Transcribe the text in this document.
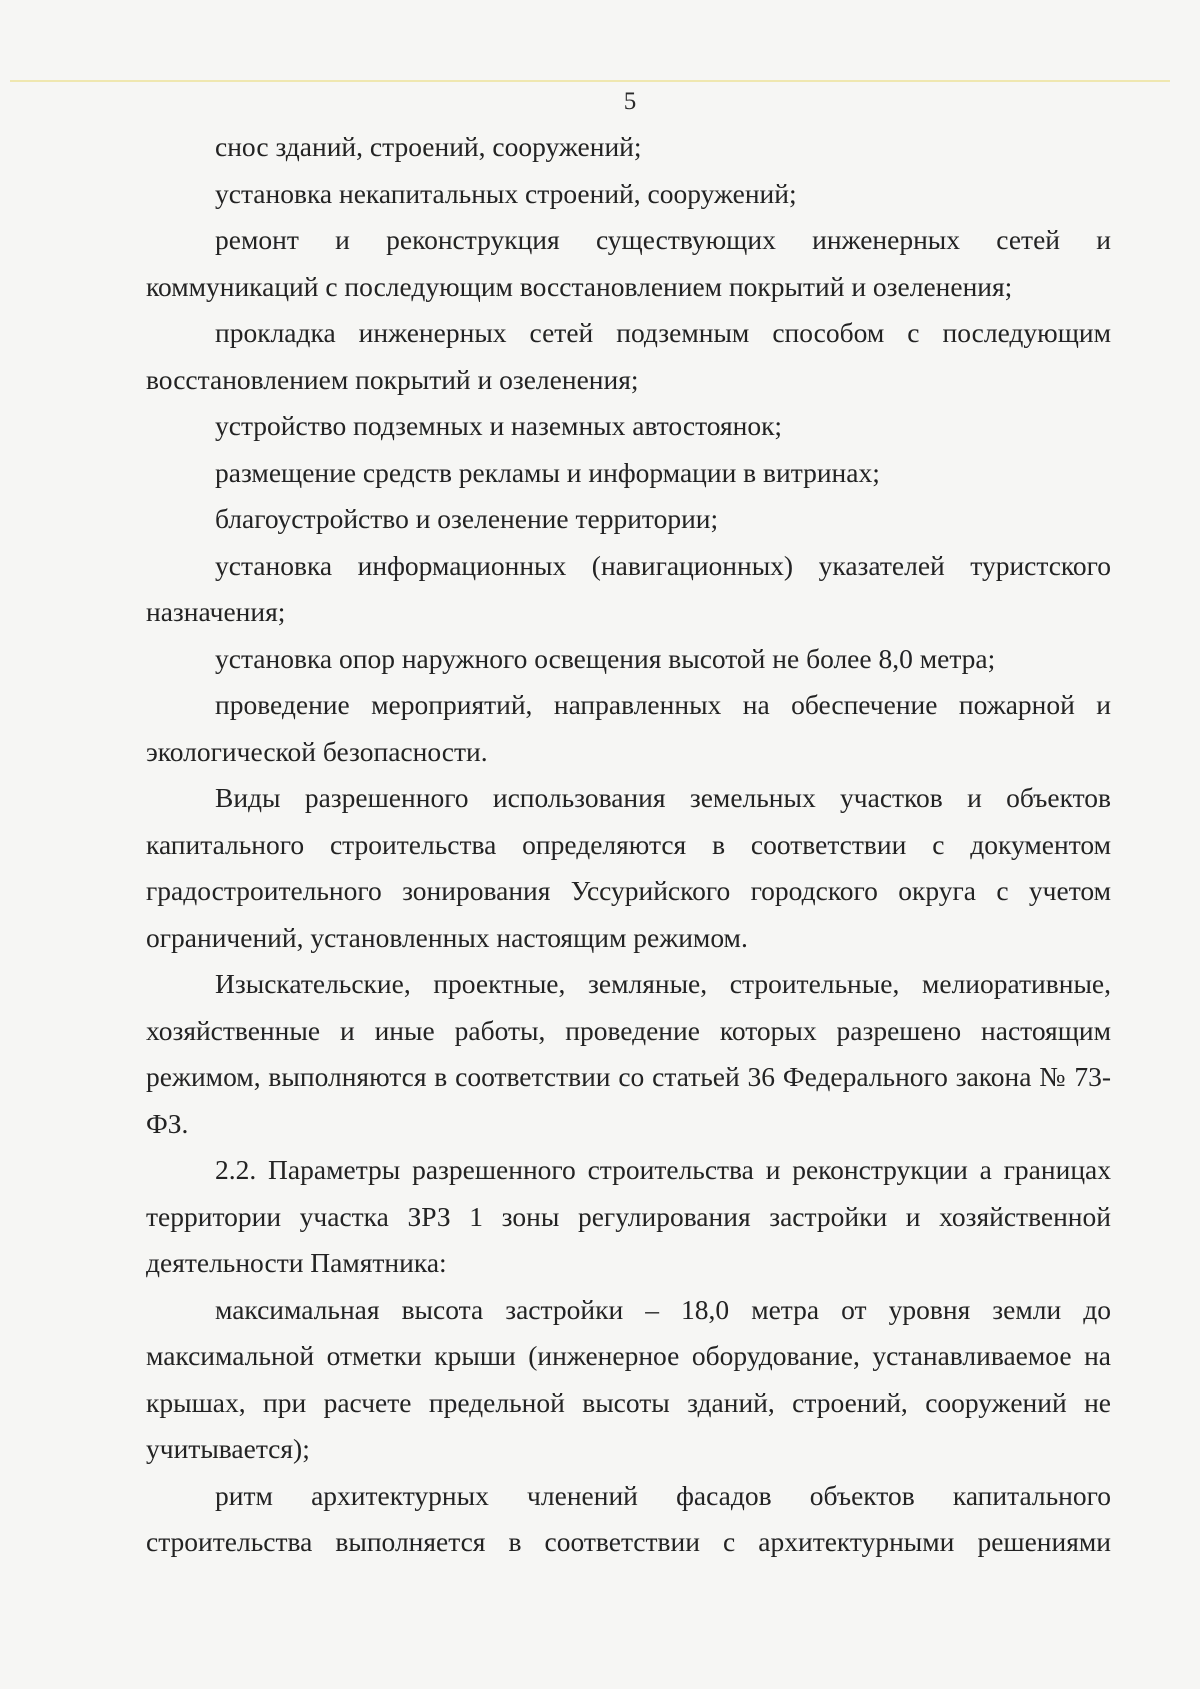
5

снос зданий, строений, сооружений;

установка некапитальных строений, сооружений;

ремонт и реконструкция существующих инженерных сетей и коммуникаций с последующим восстановлением покрытий и озеленения;

прокладка инженерных сетей подземным способом с последующим восстановлением покрытий и озеленения;

устройство подземных и наземных автостоянок;

размещение средств рекламы и информации в витринах;

благоустройство и озеленение территории;

установка информационных (навигационных) указателей туристского назначения;

установка опор наружного освещения высотой не более 8,0 метра;

проведение мероприятий, направленных на обеспечение пожарной и экологической безопасности.

Виды разрешенного использования земельных участков и объектов капитального строительства определяются в соответствии с документом градостроительного зонирования Уссурийского городского округа с учетом ограничений, установленных настоящим режимом.

Изыскательские, проектные, земляные, строительные, мелиоративные, хозяйственные и иные работы, проведение которых разрешено настоящим режимом, выполняются в соответствии со статьей 36 Федерального закона № 73-ФЗ.

2.2. Параметры разрешенного строительства и реконструкции а границах территории участка ЗРЗ 1 зоны регулирования застройки и хозяйственной деятельности Памятника:

максимальная высота застройки – 18,0 метра от уровня земли до максимальной отметки крыши (инженерное оборудование, устанавливаемое на крышах, при расчете предельной высоты зданий, строений, сооружений не учитывается);

ритм архитектурных членений фасадов объектов капитального строительства выполняется в соответствии с архитектурными решениями
